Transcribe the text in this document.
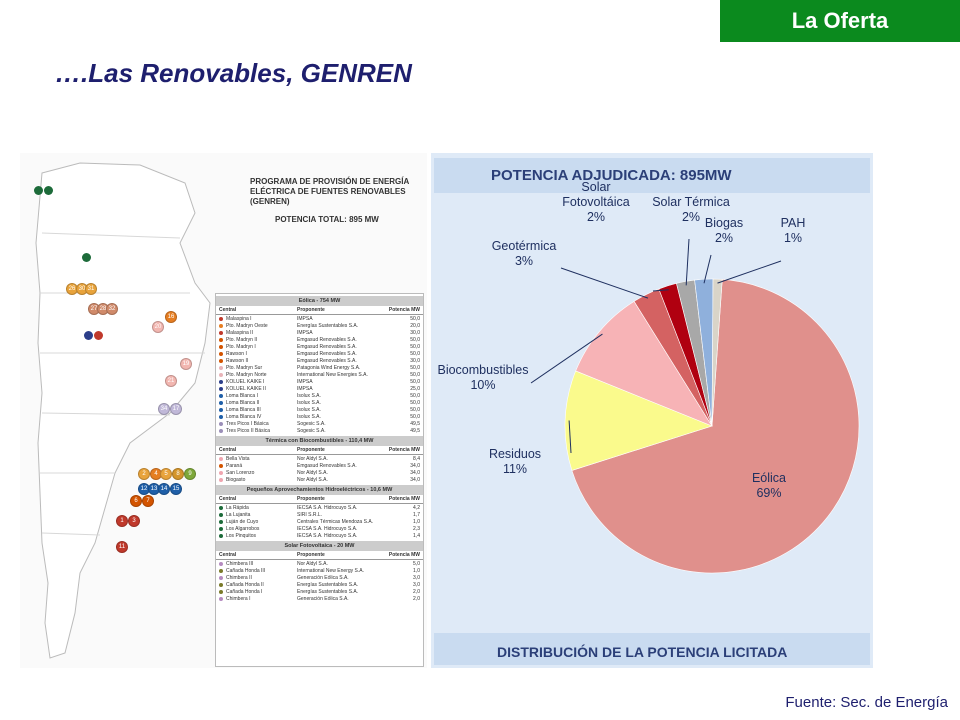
La Oferta
….Las Renovables, GENREN
PROGRAMA DE PROVISIÓN DE ENERGÍA ELÉCTRICA DE FUENTES RENOVABLES (GENREN)
POTENCIA TOTAL: 895 MW
26 30 31
27 28 32
20
16
19
21
34 17
2	4	5	8	9
12 13 14 15
6	7
1	3
11
Eólica - 754 MW
Central	Proponente	Potencia MW
Malaspina I	IMPSA	50,0
Pto. Madryn Oeste	Energías Sustentables S.A.	20,0
Malaspina II	IMPSA	30,0
Pto. Madryn II	Emgasud Renovables S.A.	50,0
Pto. Madryn I	Emgasud Renovables S.A.	50,0
Rawson I	Emgasud Renovables S.A.	50,0
Rawson II	Emgasud Renovables S.A.	30,0
Pto. Madryn Sur	Patagonia Wind Energy S.A.	50,0
Pto. Madryn Norte	International New Energies S.A.	50,0
KOLUEL KAIKE I	IMPSA	50,0
KOLUEL KAIKE II	IMPSA	25,0
Loma Blanca I	Isolux S.A.	50,0
Loma Blanca II	Isolux S.A.	50,0
Loma Blanca III	Isolux S.A.	50,0
Loma Blanca IV	Isolux S.A.	50,0
Tres Picos I Básica	Sogesic S.A.	49,5
Tres Picos II Básica	Sogesic S.A.	49,5
Térmica con Biocombustibles - 110,4 MW
Central	Proponente	Potencia MW
Bella Vista	Nor Aldyl S.A.	8,4
Paraná	Emgasud Renovables S.A.	34,0
San Lorenzo	Nor Aldyl S.A.	34,0
Biogasto	Nor Aldyl S.A.	34,0
Pequeños Aprovechamientos Hidroeléctricos - 10,6 MW
Central	Proponente	Potencia MW
La Rápida	IECSA S.A. Hidrocuyo S.A.	4,2
La Lujanita	SIRI S.R.L.	1,7
Luján de Cuyo	Centrales Térmicas Mendoza S.A.	1,0
Los Algarrobos	IECSA S.A. Hidrocuyo S.A.	2,3
Los Pinquitos	IECSA S.A. Hidrocuyo S.A.	1,4
Solar Fotovoltaica - 20 MW
Central	Proponente	Potencia MW
Chimbera III	Nor Aldyl S.A.	5,0
Cañada Honda III	International New Energy S.A.	1,0
Chimbera II	Generación Eólica S.A.	3,0
Cañada Honda II	Energías Sustentables S.A.	3,0
Cañada Honda I	Energías Sustentables S.A.	2,0
Chimbera I	Generación Eólica S.A.	2,0
POTENCIA ADJUDICADA: 895MW
DISTRIBUCIÓN DE LA POTENCIA LICITADA
Eólica
69%
Residuos
11%
Biocombustibles
10%
Geotérmica
3%
Solar
Fotovoltáica
2%
Solar Térmica
2% Biogas
2%
PAH
1%
Fuente: Sec. de Energía
